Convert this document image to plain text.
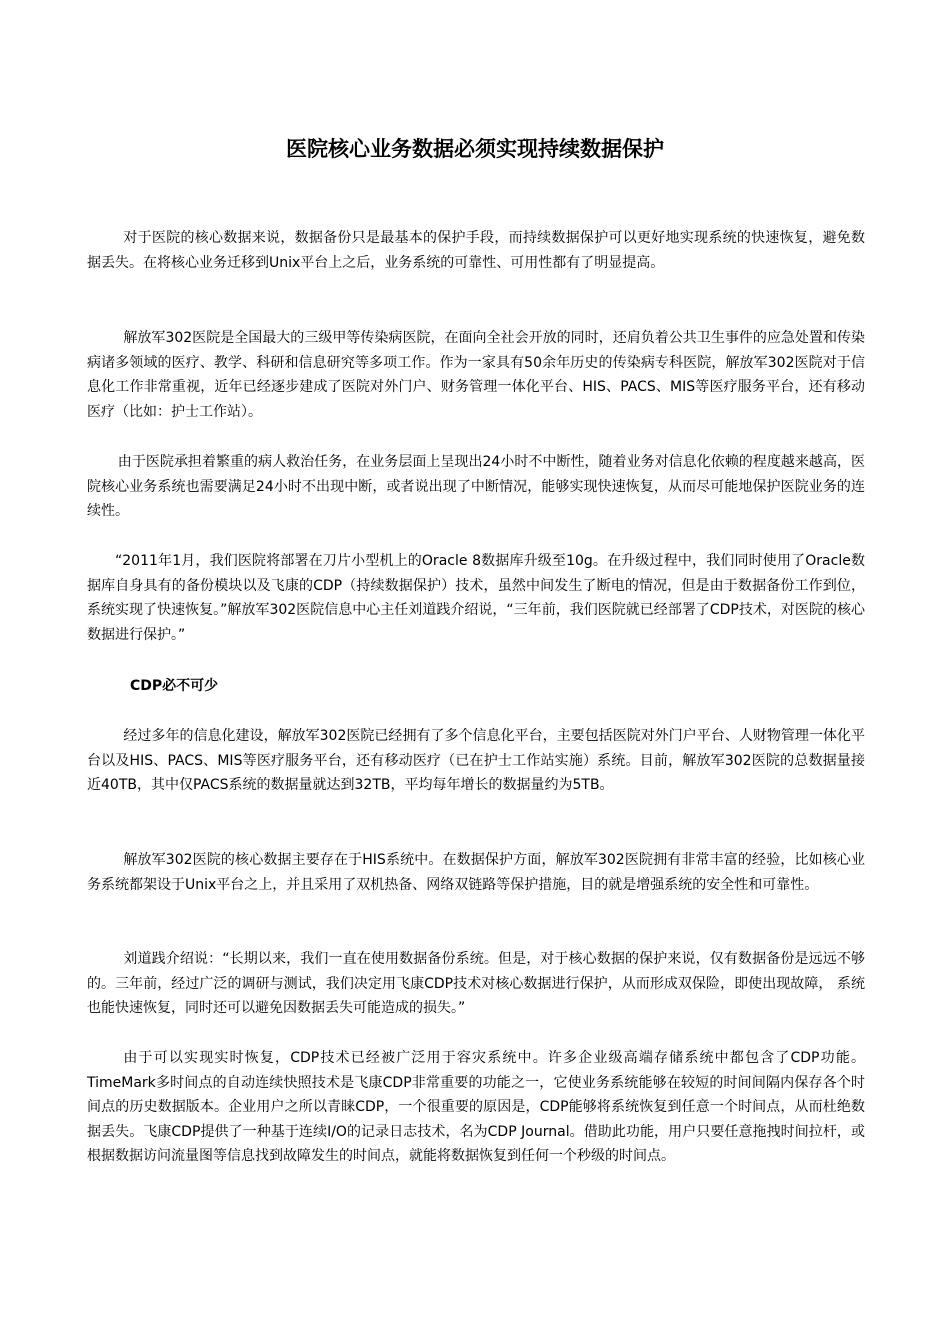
医院核心业务数据必须实现持续数据保护

对于医院的核心数据来说，数据备份只是最基本的保护手段，而持续数据保护可以更好地实现系统的快速恢复，避免数据丢失。在将核心业务迁移到Unix平台上之后，业务系统的可靠性、可用性都有了明显提高。

解放军302医院是全国最大的三级甲等传染病医院，在面向全社会开放的同时，还肩负着公共卫生事件的应急处置和传染病诸多领域的医疗、教学、科研和信息研究等多项工作。作为一家具有50余年历史的传染病专科医院，解放军302医院对于信息化工作非常重视，近年已经逐步建成了医院对外门户、财务管理一体化平台、HIS、PACS、MIS等医疗服务平台，还有移动医疗（比如：护士工作站）。

由于医院承担着繁重的病人救治任务，在业务层面上呈现出24小时不中断性，随着业务对信息化依赖的程度越来越高，医院核心业务系统也需要满足24小时不出现中断，或者说出现了中断情况，能够实现快速恢复，从而尽可能地保护医院业务的连续性。

“2011年1月，我们医院将部署在刀片小型机上的Oracle 8数据库升级至10g。在升级过程中，我们同时使用了Oracle数据库自身具有的备份模块以及飞康的CDP（持续数据保护）技术，虽然中间发生了断电的情况，但是由于数据备份工作到位，系统实现了快速恢复。”解放军302医院信息中心主任刘道践介绍说，“三年前，我们医院就已经部署了CDP技术，对医院的核心数据进行保护。”

CDP必不可少

经过多年的信息化建设，解放军302医院已经拥有了多个信息化平台，主要包括医院对外门户平台、人财物管理一体化平台以及HIS、PACS、MIS等医疗服务平台，还有移动医疗（已在护士工作站实施）系统。目前，解放军302医院的总数据量接近40TB，其中仅PACS系统的数据量就达到32TB，平均每年增长的数据量约为5TB。

解放军302医院的核心数据主要存在于HIS系统中。在数据保护方面，解放军302医院拥有非常丰富的经验，比如核心业务系统都架设于Unix平台之上，并且采用了双机热备、网络双链路等保护措施，目的就是增强系统的安全性和可靠性。

刘道践介绍说：“长期以来，我们一直在使用数据备份系统。但是，对于核心数据的保护来说，仅有数据备份是远远不够的。三年前，经过广泛的调研与测试，我们决定用飞康CDP技术对核心数据进行保护，从而形成双保险，即使出现故障， 系统也能快速恢复，同时还可以避免因数据丢失可能造成的损失。”

由于可以实现实时恢复，CDP技术已经被广泛用于容灾系统中。许多企业级高端存储系统中都包含了CDP功能。TimeMark多时间点的自动连续快照技术是飞康CDP非常重要的功能之一，它使业务系统能够在较短的时间间隔内保存各个时间点的历史数据版本。企业用户之所以青睐CDP，一个很重要的原因是，CDP能够将系统恢复到任意一个时间点，从而杜绝数据丢失。飞康CDP提供了一种基于连续I/O的记录日志技术，名为CDP Journal。借助此功能，用户只要任意拖拽时间拉杆，或根据数据访问流量图等信息找到故障发生的时间点，就能将数据恢复到任何一个秒级的时间点。
